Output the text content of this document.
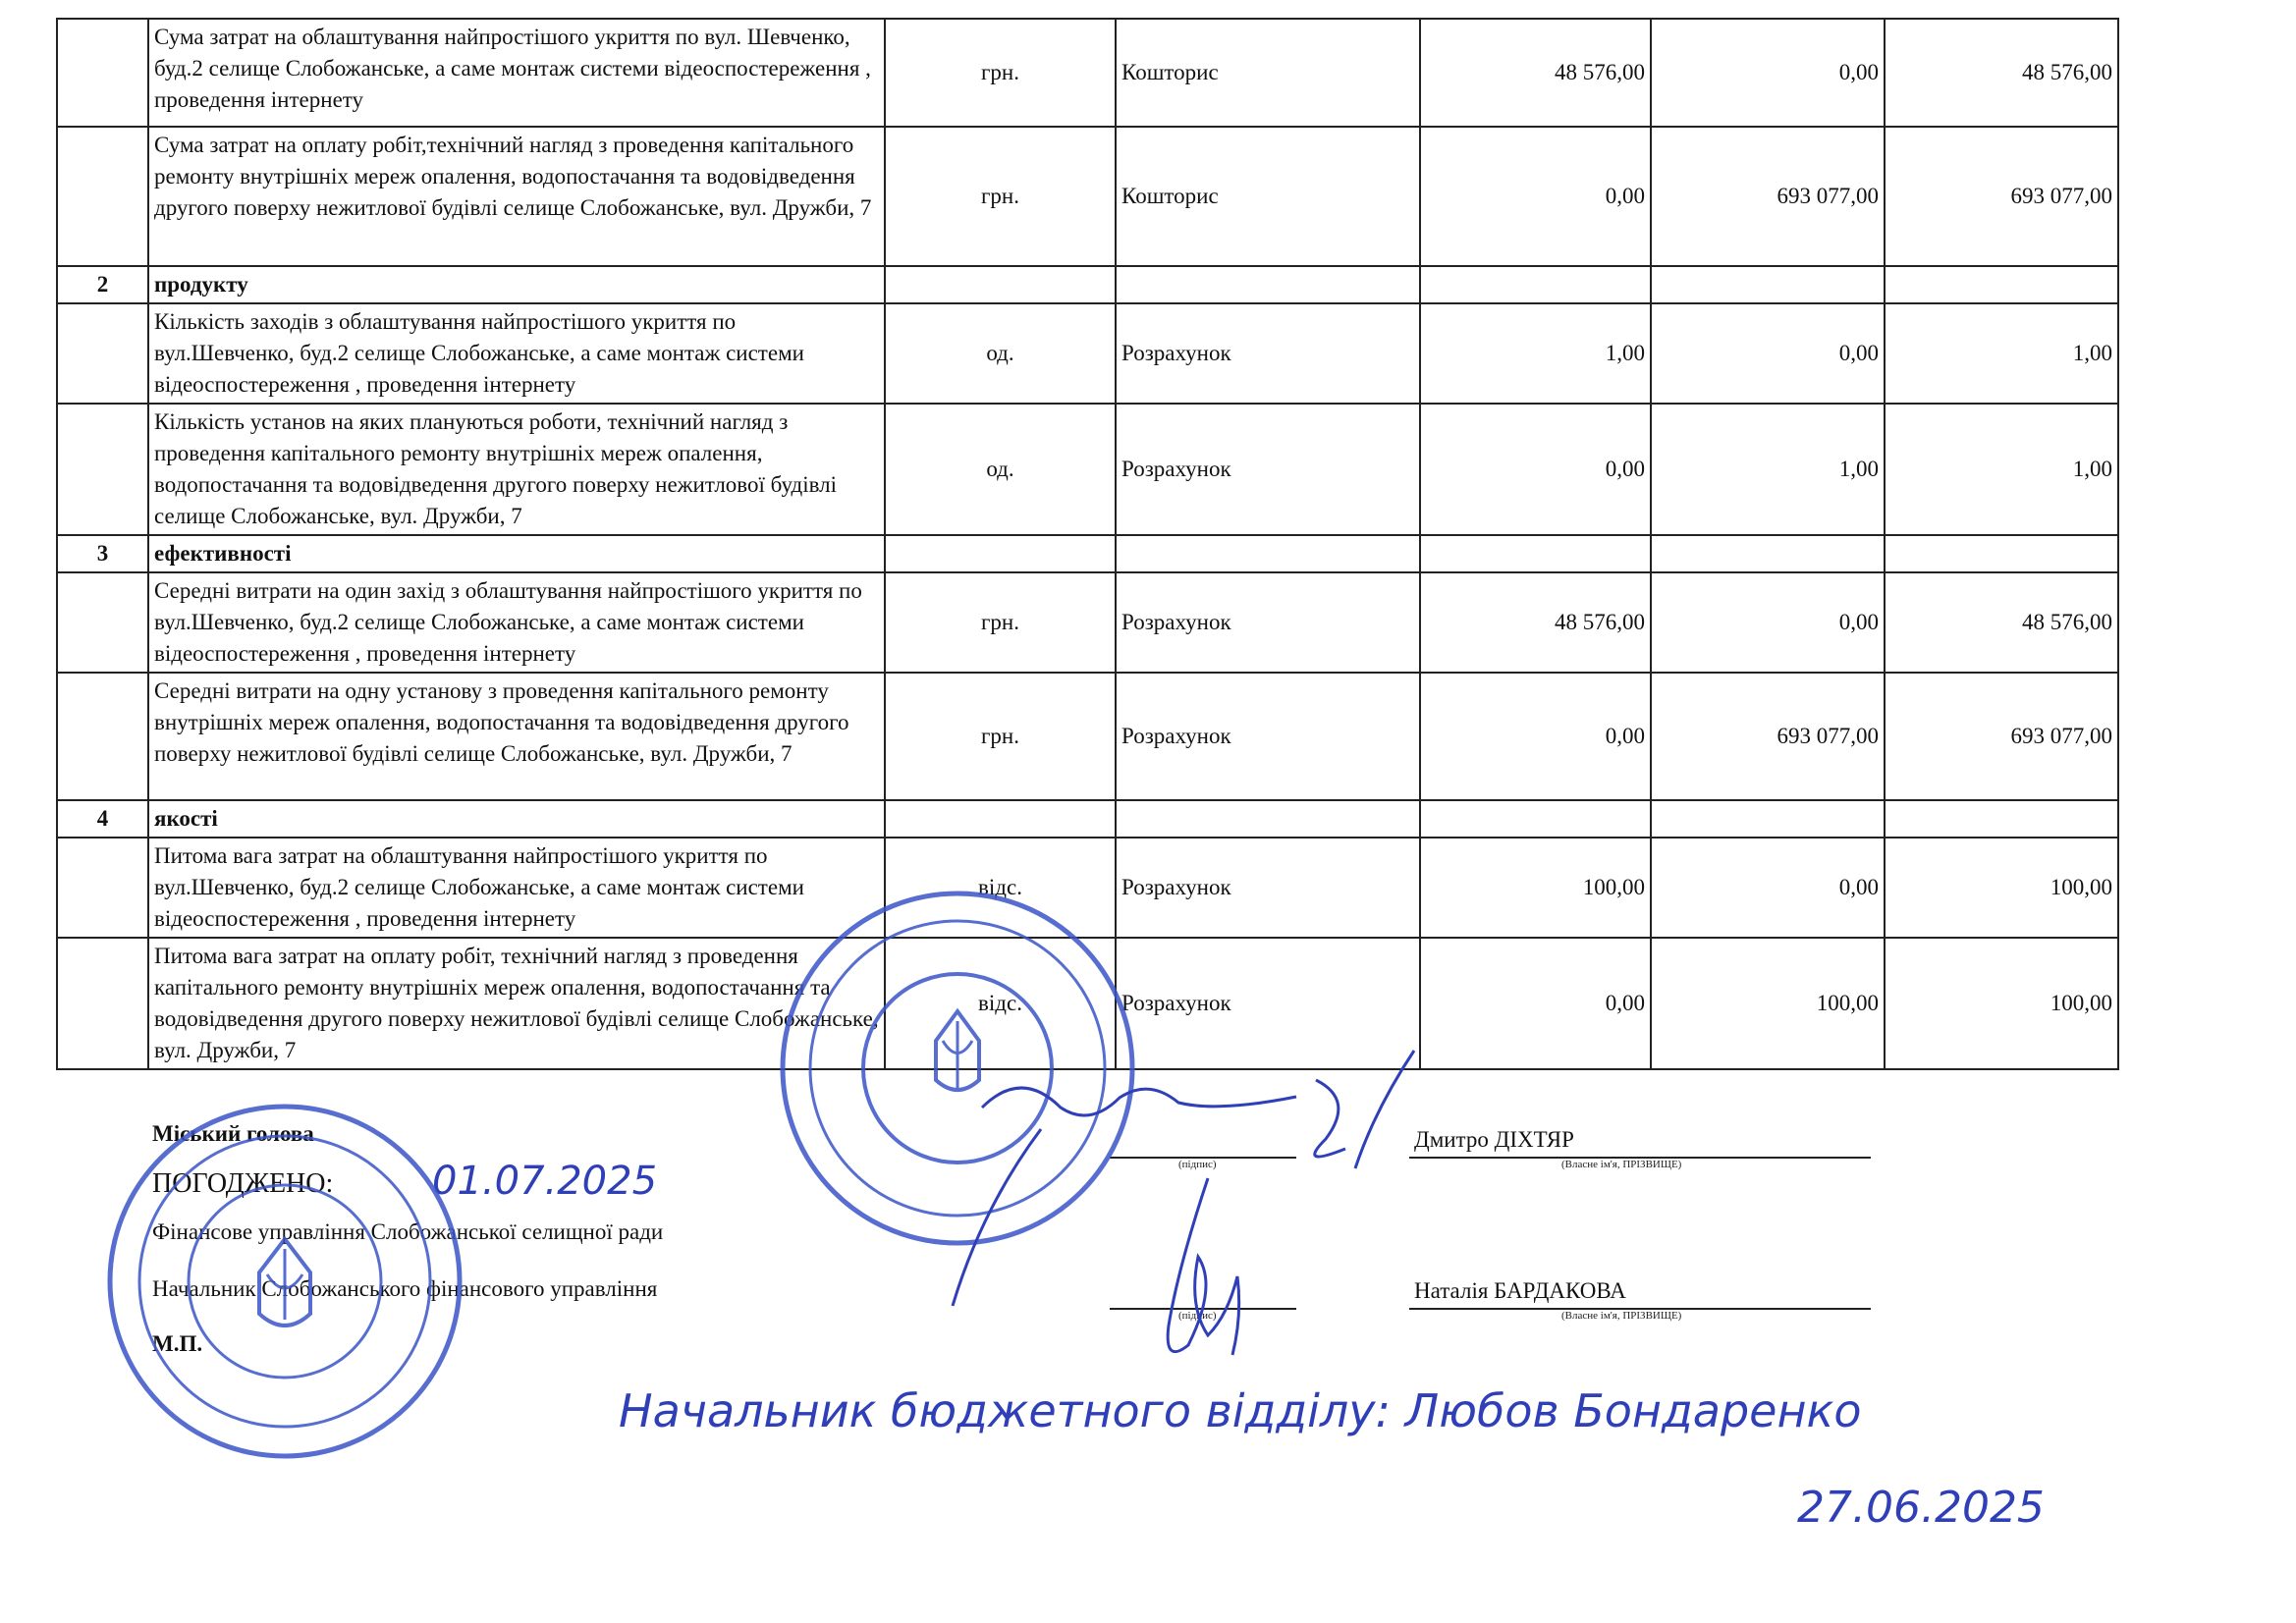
	Сума затрат на облаштування найпростішого укриття по вул. Шевченко, буд.2 селище Слобожанське, а саме монтаж системи відеоспостереження , проведення інтернету	грн.	Кошторис	48 576,00	0,00	48 576,00
	Сума затрат на оплату робіт,технічний нагляд з проведення капітального ремонту внутрішніх мереж опалення, водопостачання та водовідведення другого поверху нежитлової будівлі селище Слобожанське, вул. Дружби, 7	грн.	Кошторис	0,00	693 077,00	693 077,00
2	продукту					
	Кількість заходів з облаштування найпростішого укриття по вул.Шевченко, буд.2 селище Слобожанське, а саме монтаж системи відеоспостереження , проведення інтернету	од.	Розрахунок	1,00	0,00	1,00
	Кількість установ на яких плануються роботи, технічний нагляд з проведення капітального ремонту внутрішніх мереж опалення, водопостачання та водовідведення другого поверху нежитлової будівлі селище Слобожанське, вул. Дружби, 7	од.	Розрахунок	0,00	1,00	1,00
3	ефективності					
	Середні витрати на один захід з облаштування найпростішого укриття по вул.Шевченко, буд.2 селище Слобожанське, а саме монтаж системи відеоспостереження , проведення інтернету	грн.	Розрахунок	48 576,00	0,00	48 576,00
	Середні витрати на одну установу з проведення капітального ремонту внутрішніх мереж опалення, водопостачання та водовідведення другого поверху нежитлової будівлі селище Слобожанське, вул. Дружби, 7	грн.	Розрахунок	0,00	693 077,00	693 077,00
4	якості					
	Питома вага затрат на облаштування найпростішого укриття по вул.Шевченко, буд.2 селище Слобожанське, а саме монтаж системи відеоспостереження , проведення інтернету	відс.	Розрахунок	100,00	0,00	100,00
	Питома вага затрат на оплату робіт, технічний нагляд з проведення капітального ремонту внутрішніх мереж опалення, водопостачання та водовідведення другого поверху нежитлової будівлі селище Слобожанське, вул. Дружби, 7	відс.	Розрахунок	0,00	100,00	100,00
Міський голова
ПОГОДЖЕНО:
Фінансове управління Слобожанської селищної ради
Начальник Слобожанського фінансового управління
М.П.
(підпис)
Дмитро ДІХТЯР
(Власне ім'я, ПРІЗВИЩЕ)
(підпис)
Наталія БАРДАКОВА
(Власне ім'я, ПРІЗВИЩЕ)
01.07.2025
Начальник бюджетного відділу: Любов Бондаренко
27.06.2025
